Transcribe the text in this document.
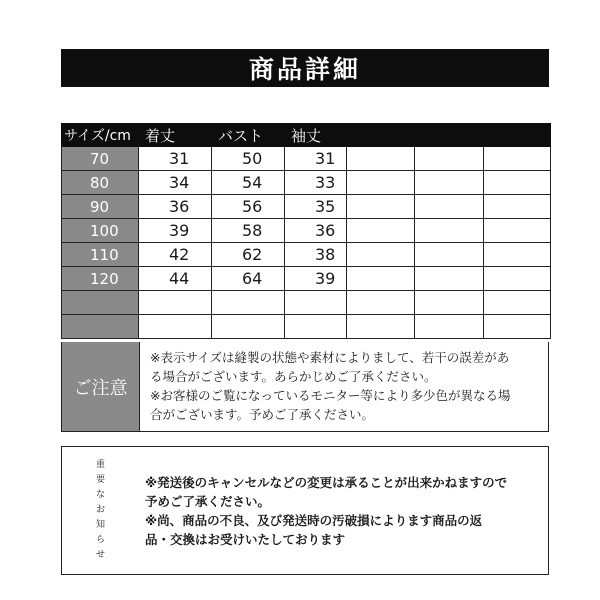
商品詳細
サイズ/cm	着丈	バスト	袖丈			
70	31	50	31			
80	34	54	33			
90	36	56	35			
100	39	58	36			
110	42	62	38			
120	44	64	39			

ご注意
※表示サイズは縫製の状態や素材によりまして、若干の誤差があ
る場合がございます。あらかじめご了承ください。
※お客様のご覧になっているモニター等により多少色が異なる場
合がございます。予めご了承ください。
重
要
な
お
知
ら
せ
※発送後のキャンセルなどの変更は承ることが出来かねますので
予めご了承ください。
※尚、商品の不良、及び発送時の汚破損によります商品の返
品・交換はお受けいたしております
